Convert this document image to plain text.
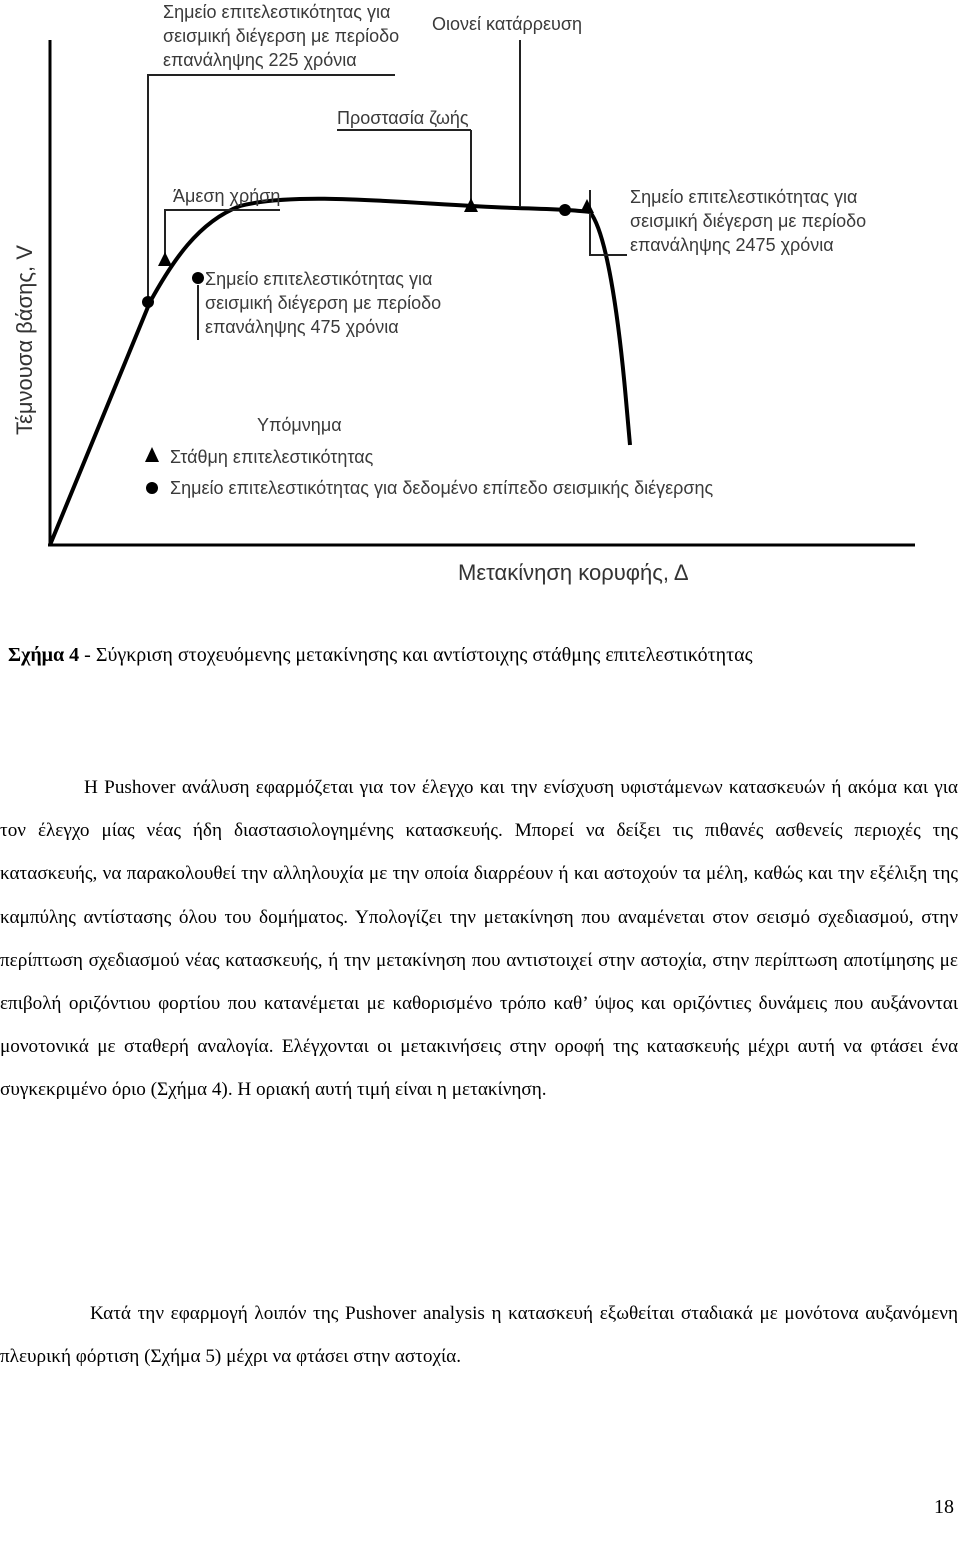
Τέμνουσα βάσης, V
Μετακίνηση κορυφής, Δ
Σημείο επιτελεστικότητας για
σεισμική διέγερση με περίοδο
επανάληψης 225 χρόνια
Οιονεί κατάρρευση
Προστασία ζωής
Άμεση χρήση
Σημείο επιτελεστικότητας για
σεισμική διέγερση με περίοδο
επανάληψης 475 χρόνια
Σημείο επιτελεστικότητας για
σεισμική διέγερση με περίοδο
επανάληψης 2475 χρόνια
Υπόμνημα
Στάθμη επιτελεστικότητας
Σημείο επιτελεστικότητας για δεδομένο επίπεδο σεισμικής διέγερσης
Σχήμα 4 - Σύγκριση στοχευόμενης μετακίνησης και αντίστοιχης στάθμης επιτελεστικότητας

Η Pushover ανάλυση εφαρμόζεται για τον έλεγχο και την ενίσχυση υφιστάμενων κατασκευών ή ακόμα και για τον έλεγχο μίας νέας ήδη διαστασιολογημένης κατασκευής. Μπορεί να δείξει τις πιθανές ασθενείς περιοχές της κατασκευής, να παρακολουθεί την αλληλουχία με την οποία διαρρέουν ή και αστοχούν τα μέλη, καθώς και την εξέλιξη της καμπύλης αντίστασης όλου του δομήματος. Υπολογίζει την μετακίνηση που αναμένεται στον σεισμό σχεδιασμού, στην περίπτωση σχεδιασμού νέας κατασκευής, ή την μετακίνηση που αντιστοιχεί στην αστοχία, στην περίπτωση αποτίμησης με επιβολή οριζόντιου φορτίου που κατανέμεται με καθορισμένο τρόπο καθ’ ύψος και οριζόντιες δυνάμεις που αυξάνονται μονοτονικά με σταθερή αναλογία. Ελέγχονται οι μετακινήσεις στην οροφή της κατασκευής μέχρι αυτή να φτάσει ένα συγκεκριμένο όριο (Σχήμα 4). Η οριακή αυτή τιμή είναι η μετακίνηση.

Κατά την εφαρμογή λοιπόν της Pushover analysis η κατασκευή εξωθείται σταδιακά με μονότονα αυξανόμενη πλευρική φόρτιση (Σχήμα 5) μέχρι να φτάσει στην αστοχία.

18
